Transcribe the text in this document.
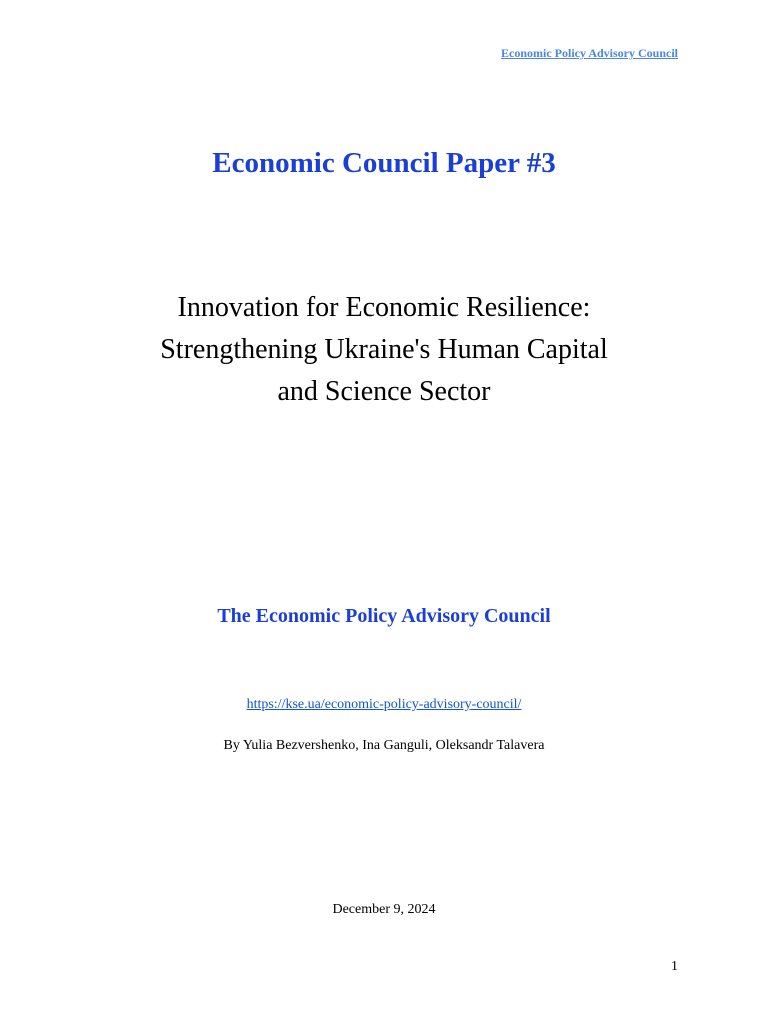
Economic Policy Advisory Council
Economic Council Paper #3
Innovation for Economic Resilience:
Strengthening Ukraine's Human Capital
and Science Sector
The Economic Policy Advisory Council
https://kse.ua/economic-policy-advisory-council/
By Yulia Bezvershenko, Ina Ganguli, Oleksandr Talavera
December 9, 2024
1
